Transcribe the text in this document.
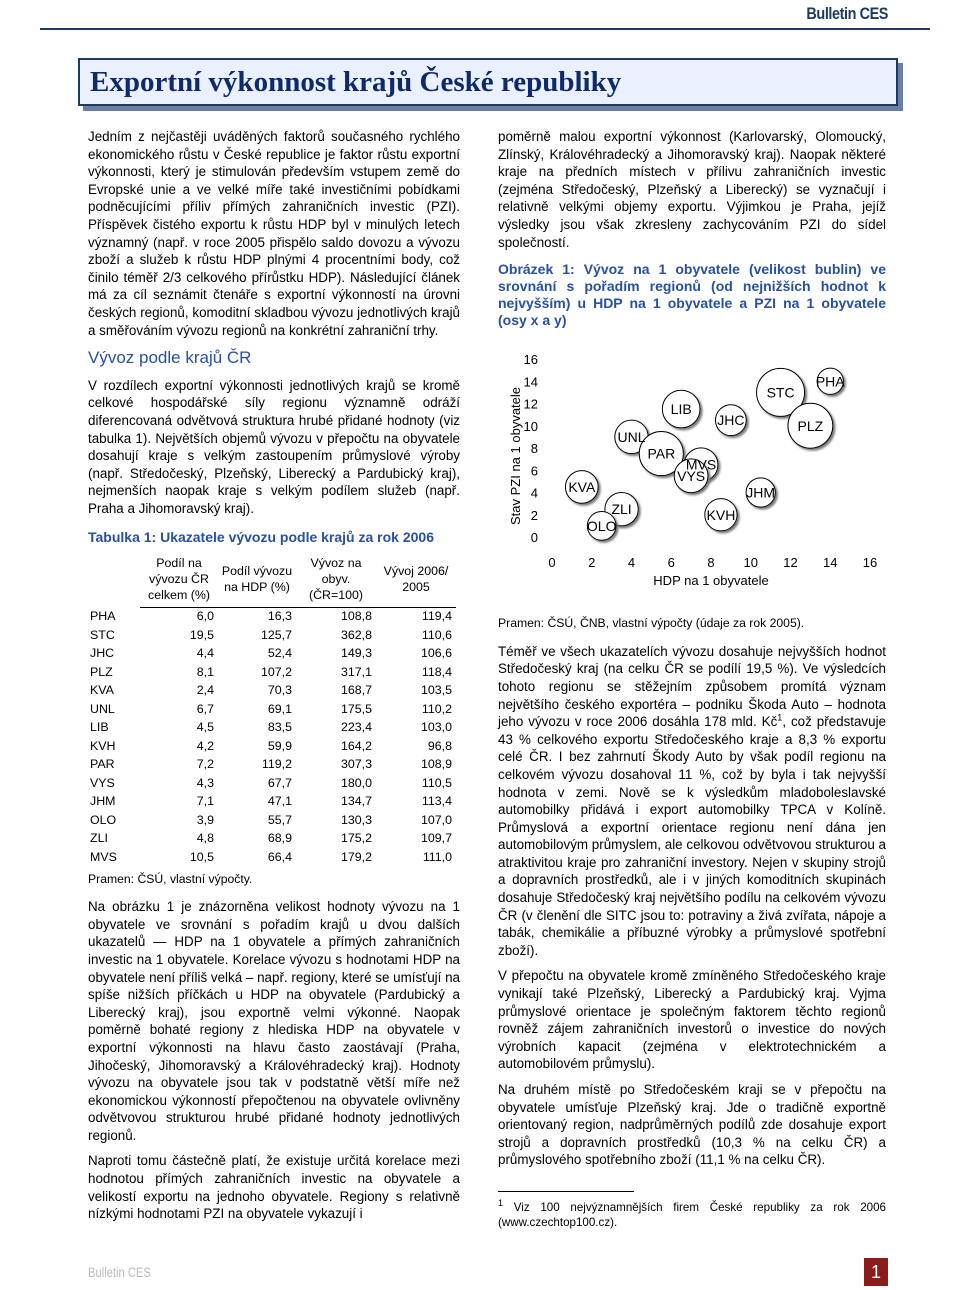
Bulletin CES
Exportní výkonnost krajů České republiky

Jedním z nejčastěji uváděných faktorů současného rychlého ekonomického růstu v České republice je faktor růstu exportní výkonnosti, který je stimulován především vstupem země do Evropské unie a ve velké míře také investičními pobídkami podněcujícími příliv přímých zahraničních investic (PZI). Příspěvek čistého exportu k růstu HDP byl v minulých letech významný (např. v roce 2005 přispělo saldo dovozu a vývozu zboží a služeb k růstu HDP plnými 4 procentními body, což činilo téměř 2/3 celkového přírůstku HDP). Následující článek má za cíl seznámit čtenáře s exportní výkonností na úrovni českých regionů, komoditní skladbou vývozu jednotlivých krajů a směřováním vývozu regionů na konkrétní zahraniční trhy.

Vývoz podle krajů ČR

V rozdílech exportní výkonnosti jednotlivých krajů se kromě celkové hospodářské síly regionu významně odráží diferencovaná odvětvová struktura hrubé přidané hodnoty (viz tabulka 1). Největších objemů vývozu v přepočtu na obyvatele dosahují kraje s velkým zastoupením průmyslové výroby (např. Středočeský, Plzeňský, Liberecký a Pardubický kraj), nejmenších naopak kraje s velkým podílem služeb (např. Praha a Jihomoravský kraj).

Tabulka 1: Ukazatele vývozu podle krajů za rok 2006
	Podíl na vývozu ČR celkem (%)	Podíl vývozu na HDP (%)	Vývoz na obyv. (ČR=100)	Vývoj 2006/ 2005
PHA	6,0	16,3	108,8	119,4
STC	19,5	125,7	362,8	110,6
JHC	4,4	52,4	149,3	106,6
PLZ	8,1	107,2	317,1	118,4
KVA	2,4	70,3	168,7	103,5
UNL	6,7	69,1	175,5	110,2
LIB	4,5	83,5	223,4	103,0
KVH	4,2	59,9	164,2	96,8
PAR	7,2	119,2	307,3	108,9
VYS	4,3	67,7	180,0	110,5
JHM	7,1	47,1	134,7	113,4
OLO	3,9	55,7	130,3	107,0
ZLI	4,8	68,9	175,2	109,7
MVS	10,5	66,4	179,2	111,0
Pramen: ČSÚ, vlastní výpočty.

Na obrázku 1 je znázorněna velikost hodnoty vývozu na 1 obyvatele ve srovnání s pořadím krajů u dvou dalších ukazatelů — HDP na 1 obyvatele a přímých zahraničních investic na 1 obyvatele. Korelace vývozu s hodnotami HDP na obyvatele není příliš velká – např. regiony, které se umísťují na spíše nižších příčkách u HDP na obyvatele (Pardubický a Liberecký kraj), jsou exportně velmi výkonné. Naopak poměrně bohaté regiony z hlediska HDP na obyvatele v exportní výkonnosti na hlavu často zaostávají (Praha, Jihočeský, Jihomoravský a Královéhradecký kraj). Hodnoty vývozu na obyvatele jsou tak v podstatně větší míře než ekonomickou výkonností přepočtenou na obyvatele ovlivněny odvětvovou strukturou hrubé přidané hodnoty jednotlivých regionů.

Naproti tomu částečně platí, že existuje určitá korelace mezi hodnotou přímých zahraničních investic na obyvatele a velikostí exportu na jednoho obyvatele. Regiony s relativně nízkými hodnotami PZI na obyvatele vykazují i

poměrně malou exportní výkonnost (Karlovarský, Olomoucký, Zlínský, Královéhradecký a Jihomoravský kraj). Naopak některé kraje na předních místech v přílivu zahraničních investic (zejména Středočeský, Plzeňský a Liberecký) se vyznačují i relativně velkými objemy exportu. Výjimkou je Praha, jejíž výsledky jsou však zkresleny zachycováním PZI do sídel společností.

Obrázek 1: Vývoz na 1 obyvatele (velikost bublin) ve srovnání s pořadím regionů (od nejnižších hodnot k nejvyšším) u HDP na 1 obyvatele a PZI na 1 obyvatele (osy x a y)
PHA
STC
PLZ
JHC
LIB
UNL
PAR
MVS
VYS
JHM
KVH
KVA
ZLI
OLO
0
2
4
6
8
10
12
14
16
0	2	4	6	8 10 12 14 16
HDP na 1 obyvatele
Stav PZI na 1 obyvatele
Pramen: ČSÚ, ČNB, vlastní výpočty (údaje za rok 2005).

Téměř ve všech ukazatelích vývozu dosahuje nejvyšších hodnot Středočeský kraj (na celku ČR se podílí 19,5 %). Ve výsledcích tohoto regionu se stěžejním způsobem promítá význam největšího českého exportéra – podniku Škoda Auto – hodnota jeho vývozu v roce 2006 dosáhla 178 mld. $Kč^1$, což představuje 43 % celkového exportu Středočeského kraje a 8,3 % exportu celé ČR. I bez zahrnutí Škody Auto by však podíl regionu na celkovém vývozu dosahoval 11 %, což by byla i tak nejvyšší hodnota v zemi. Nově se k výsledkům mladoboleslavské automobilky přidává i export automobilky TPCA v Kolíně. Průmyslová a exportní orientace regionu není dána jen automobilovým průmyslem, ale celkovou odvětvovou strukturou a atraktivitou kraje pro zahraniční investory. Nejen v skupiny strojů a dopravních prostředků, ale i v jiných komoditních skupinách dosahuje Středočeský kraj největšího podílu na celkovém vývozu ČR (v členění dle SITC jsou to: potraviny a živá zvířata, nápoje a tabák, chemikálie a příbuzné výrobky a průmyslové spotřební zboží).

V přepočtu na obyvatele kromě zmíněného Středočeského kraje vynikají také Plzeňský, Liberecký a Pardubický kraj. Vyjma průmyslové orientace je společným faktorem těchto regionů rovněž zájem zahraničních investorů o investice do nových výrobních kapacit (zejména v elektrotechnickém a automobilovém průmyslu).

Na druhém místě po Středočeském kraji se v přepočtu na obyvatele umísťuje Plzeňský kraj. Jde o tradičně exportně orientovaný region, nadprůměrných podílů zde dosahuje export strojů a dopravních prostředků (10,3 % na celku ČR) a průmyslového spotřebního zboží (11,1 % na celku ČR).

$^1$ Viz 100 nejvýznamnějších firem České republiky za rok 2006 (www.czechtop100.cz).
Bulletin CES	1
